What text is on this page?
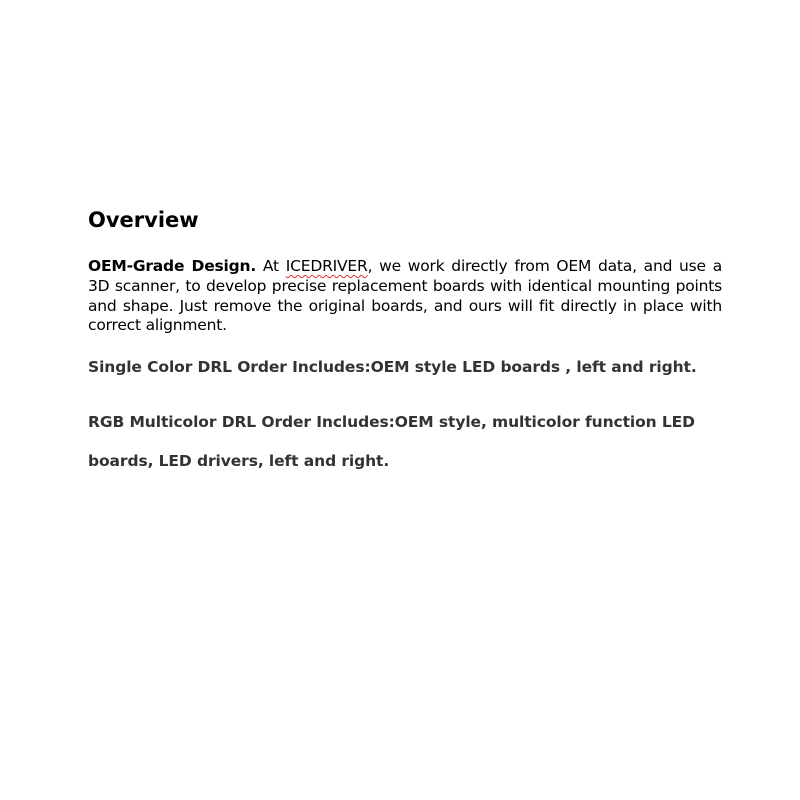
Overview

OEM-Grade Design. At ICEDRIVER, we work directly from OEM data, and use a 3D scanner, to develop precise replacement boards with identical mounting points and shape. Just remove the original boards, and ours will fit directly in place with correct alignment.

Single Color DRL Order Includes:OEM style LED boards , left and right.

RGB Multicolor DRL Order Includes:OEM style, multicolor function LED boards, LED drivers, left and right.
